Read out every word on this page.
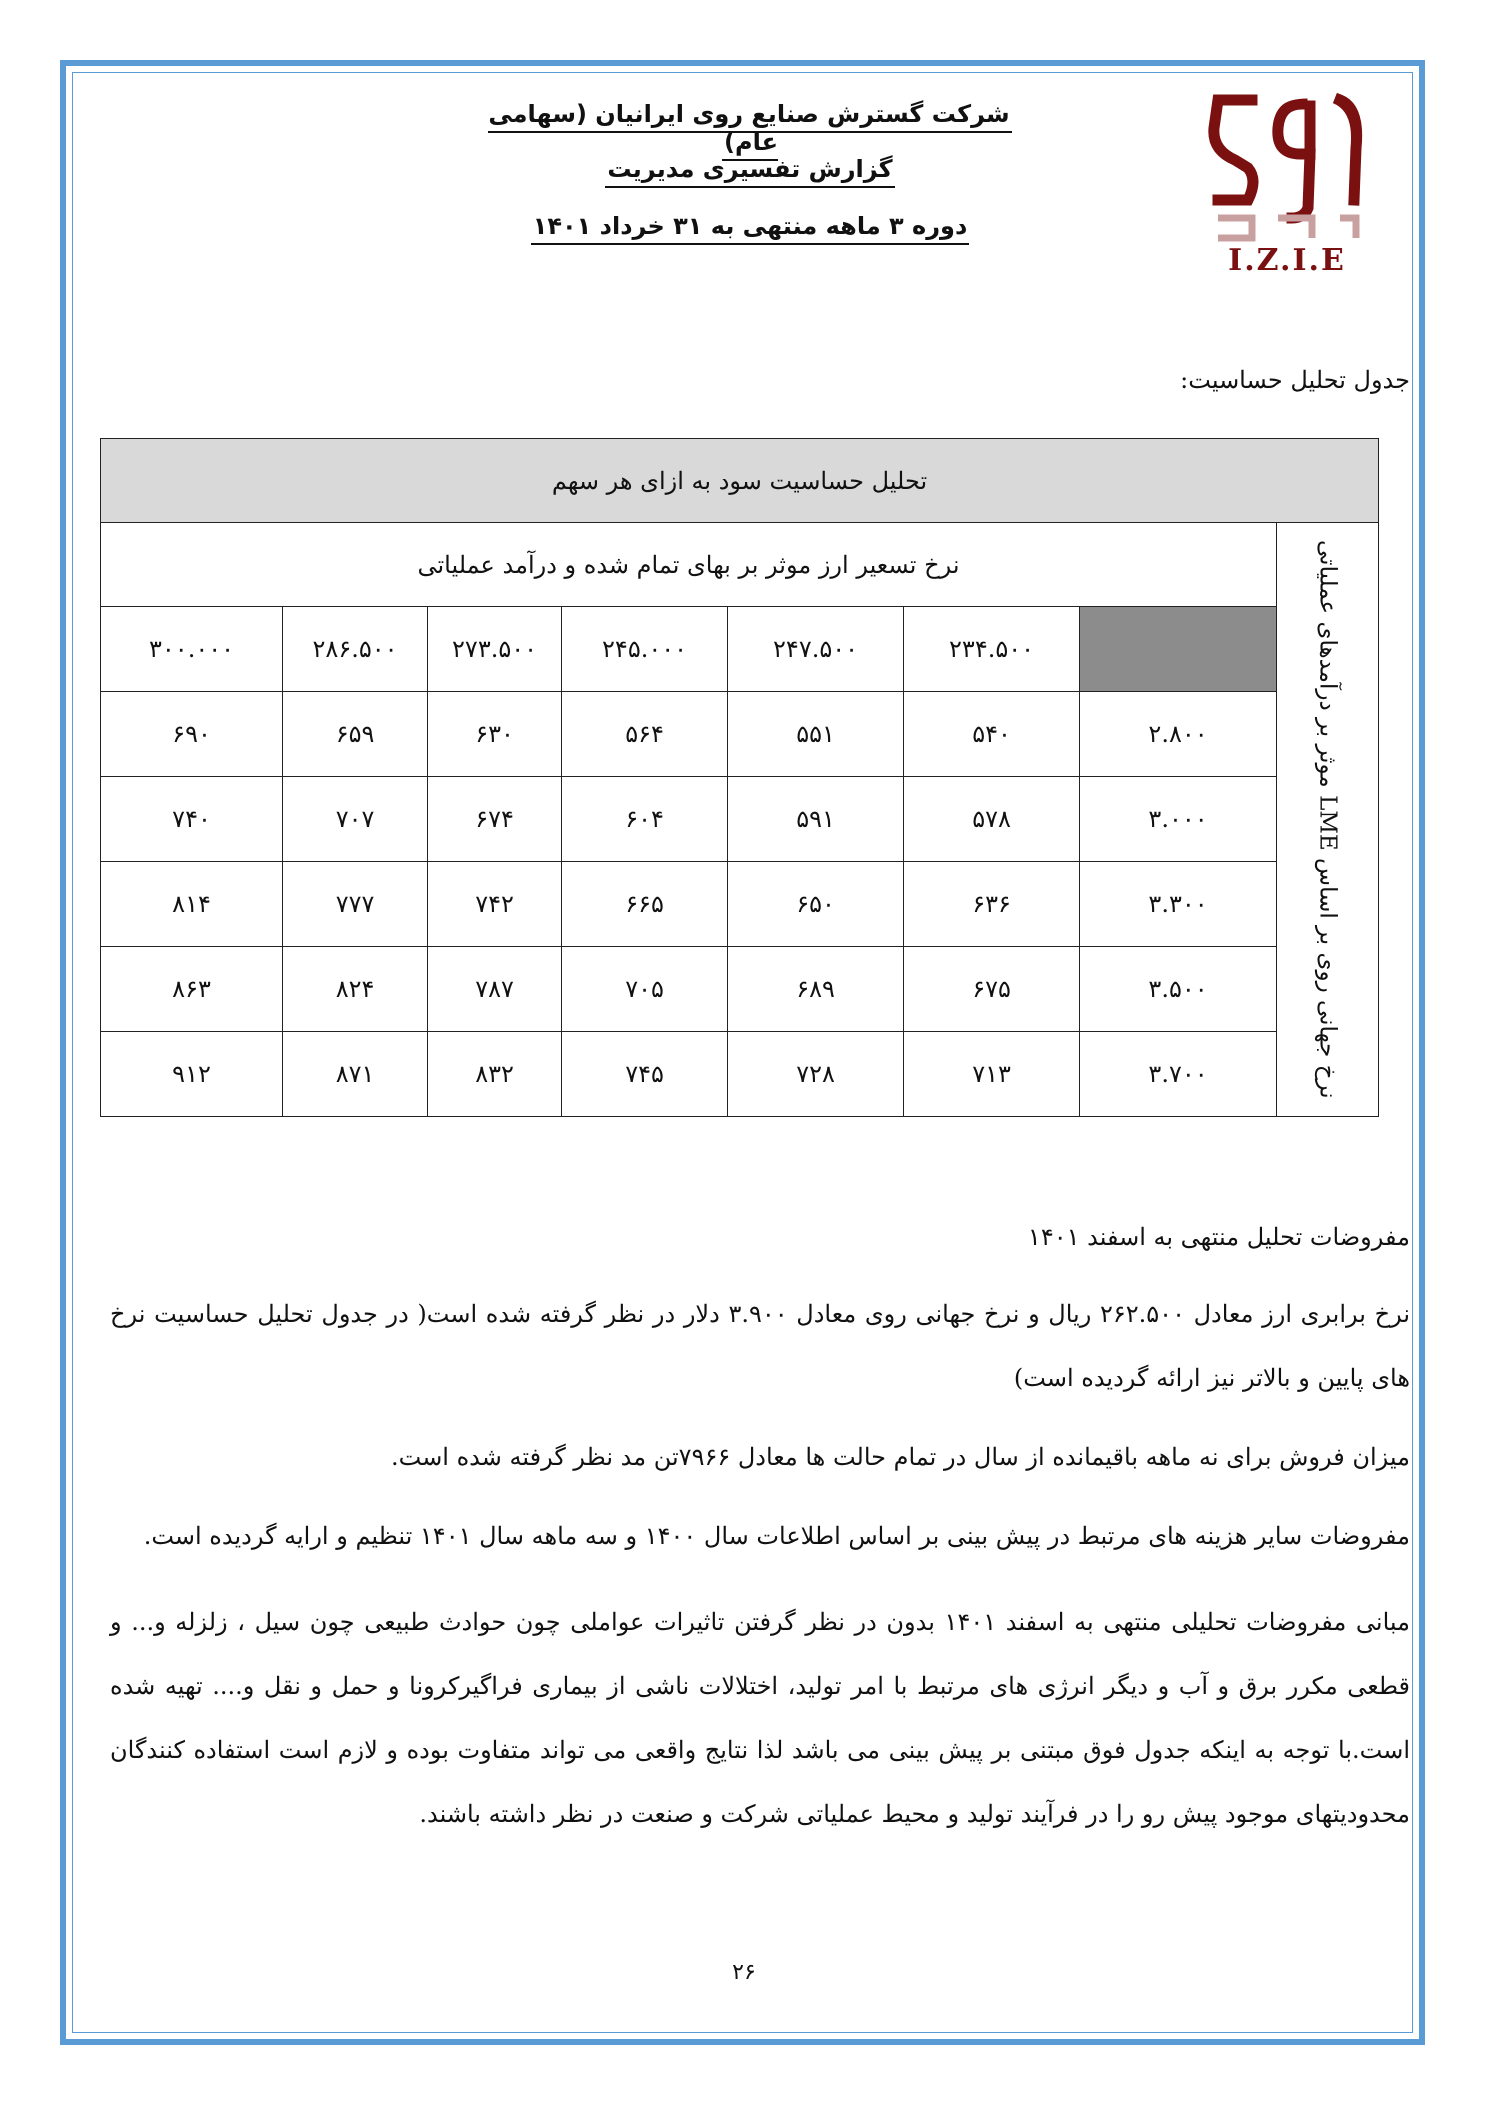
شرکت گسترش صنایع روی ایرانیان (سهامی عام)
گزارش تفسیری مدیریت
دوره ۳ ماهه منتهی به ۳۱ خرداد ۱۴۰۱
I.Z.I.E
جدول تحلیل حساسیت:
تحلیل حساسیت سود به ازای هر سهم							

نرخ جهانی روی بر اساس LME موثر بر درآمدهای عملیاتی	نرخ تسعیر ارز موثر بر بهای تمام شده و درآمد عملیاتی						
		۲۳۴.۵۰۰	۲۴۷.۵۰۰	۲۴۵.۰۰۰	۲۷۳.۵۰۰	۲۸۶.۵۰۰	۳۰۰.۰۰۰
	۲.۸۰۰	۵۴۰	۵۵۱	۵۶۴	۶۳۰	۶۵۹	۶۹۰
	۳.۰۰۰	۵۷۸	۵۹۱	۶۰۴	۶۷۴	۷۰۷	۷۴۰
	۳.۳۰۰	۶۳۶	۶۵۰	۶۶۵	۷۴۲	۷۷۷	۸۱۴
	۳.۵۰۰	۶۷۵	۶۸۹	۷۰۵	۷۸۷	۸۲۴	۸۶۳
	۳.۷۰۰	۷۱۳	۷۲۸	۷۴۵	۸۳۲	۸۷۱	۹۱۲
مفروضات تحلیل منتهی به اسفند ۱۴۰۱
نرخ برابری ارز معادل ۲۶۲.۵۰۰ ریال و نرخ جهانی روی معادل ۳.۹۰۰ دلار در نظر گرفته شده است( در جدول تحلیل حساسیت نرخ های پایین و بالاتر نیز ارائه گردیده است)
میزان فروش برای نه ماهه باقیمانده از سال در تمام حالت ها معادل ۷۹۶۶تن مد نظر گرفته شده است.
مفروضات سایر هزینه های مرتبط در پیش بینی بر اساس اطلاعات سال ۱۴۰۰ و سه ماهه سال ۱۴۰۱ تنظیم و ارایه گردیده است.
مبانی مفروضات تحلیلی منتهی به اسفند ۱۴۰۱ بدون در نظر گرفتن تاثیرات عواملی چون حوادث طبیعی چون سیل ، زلزله و... و قطعی مکرر برق و آب و دیگر انرژی های مرتبط با امر تولید، اختلالات ناشی از بیماری فراگیرکرونا و حمل و نقل و.... تهیه شده است.با توجه به اینکه جدول فوق مبتنی بر پیش بینی می باشد لذا نتایج واقعی می تواند متفاوت بوده و لازم است استفاده کنندگان محدودیتهای موجود پیش رو را در فرآیند تولید و محیط عملیاتی شرکت و صنعت در نظر داشته باشند.
۲۶
